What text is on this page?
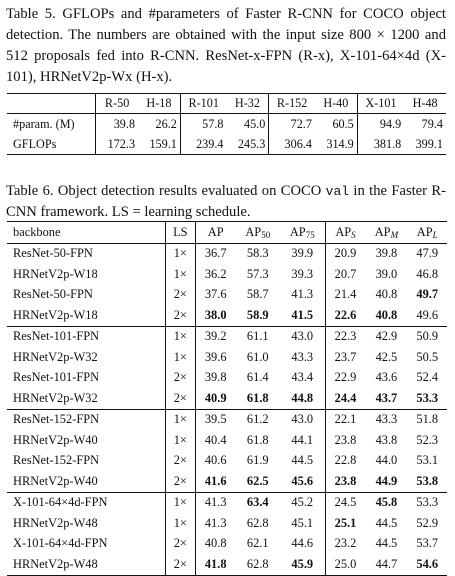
Table 5. GFLOPs and #parameters of Faster R-CNN for COCO object detection. The numbers are obtained with the input size 800 × 1200 and 512 proposals fed into R-CNN. ResNet-x-FPN (R-x), X-101-64×4d (X-101), HRNetV2p-Wx (H-x).
	R-50	H-18	R-101	H-32	R-152	H-40	X-101	H-48
#param. (M)	39.8	26.2	57.8	45.0	72.7	60.5	94.9	79.4
GFLOPs	172.3	159.1	239.4	245.3	306.4	314.9	381.8	399.1
Table 6. Object detection results evaluated on COCO val in the Faster R-CNN framework. LS = learning schedule.
backbone	LS	AP	$AP_{50}$	$AP_{75}$	$AP_S$	$AP_M$	$AP_L$
ResNet-50-FPN	1×	36.7	58.3	39.9	20.9	39.8	47.9
HRNetV2p-W18	1×	36.2	57.3	39.3	20.7	39.0	46.8
ResNet-50-FPN	2×	37.6	58.7	41.3	21.4	40.8	49.7
HRNetV2p-W18	2×	38.0	58.9	41.5	22.6	40.8	49.6
ResNet-101-FPN	1×	39.2	61.1	43.0	22.3	42.9	50.9
HRNetV2p-W32	1×	39.6	61.0	43.3	23.7	42.5	50.5
ResNet-101-FPN	2×	39.8	61.4	43.4	22.9	43.6	52.4
HRNetV2p-W32	2×	40.9	61.8	44.8	24.4	43.7	53.3
ResNet-152-FPN	1×	39.5	61.2	43.0	22.1	43.3	51.8
HRNetV2p-W40	1×	40.4	61.8	44.1	23.8	43.8	52.3
ResNet-152-FPN	2×	40.6	61.9	44.5	22.8	44.0	53.1
HRNetV2p-W40	2×	41.6	62.5	45.6	23.8	44.9	53.8
X-101-64×4d-FPN	1×	41.3	63.4	45.2	24.5	45.8	53.3
HRNetV2p-W48	1×	41.3	62.8	45.1	25.1	44.5	52.9
X-101-64×4d-FPN	2×	40.8	62.1	44.6	23.2	44.5	53.7
HRNetV2p-W48	2×	41.8	62.8	45.9	25.0	44.7	54.6
